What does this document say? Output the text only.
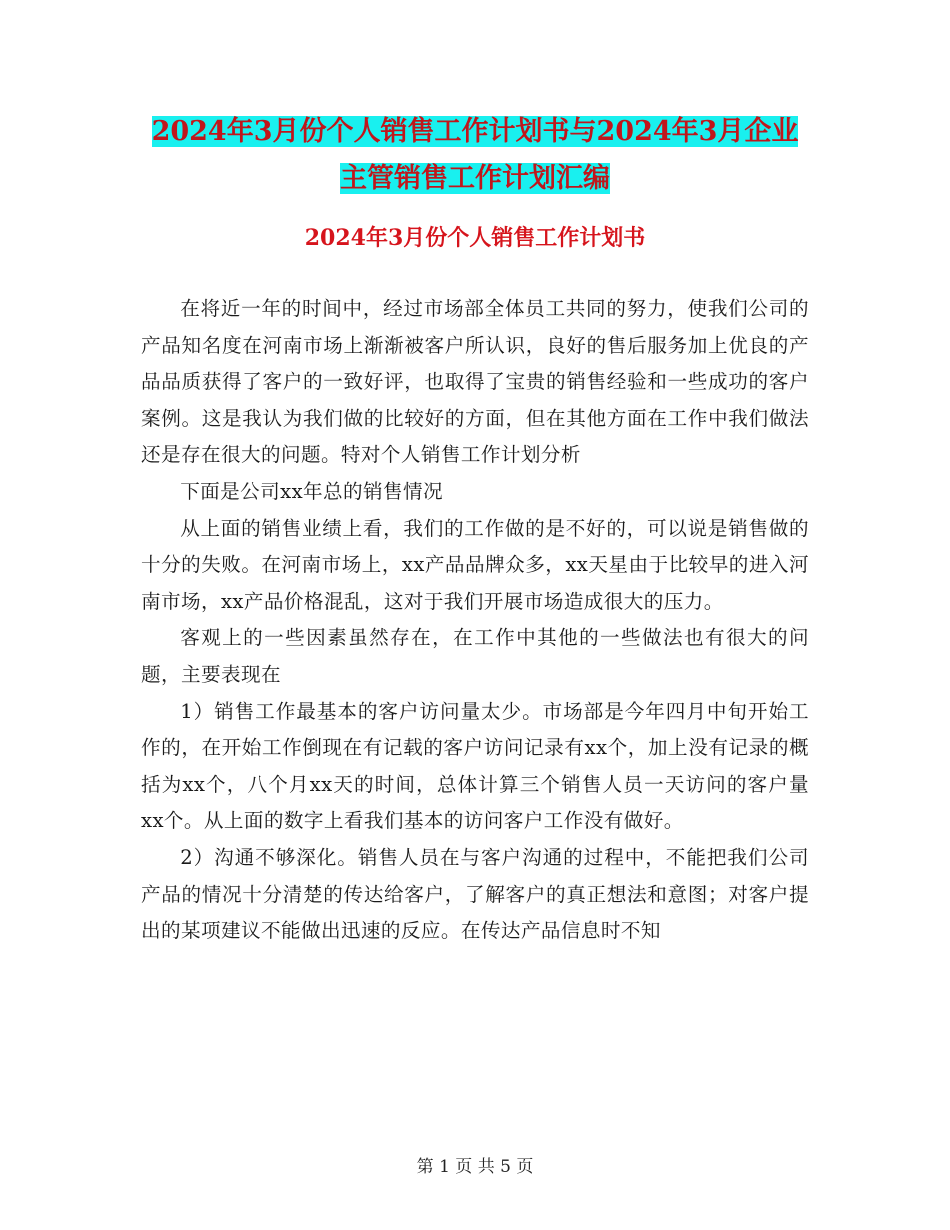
2024年3月份个人销售工作计划书与2024年3月企业
主管销售工作计划汇编
2024年3月份个人销售工作计划书

在将近一年的时间中，经过市场部全体员工共同的努力，使我们公司的产品知名度在河南市场上渐渐被客户所认识，良好的售后服务加上优良的产品品质获得了客户的一致好评，也取得了宝贵的销售经验和一些成功的客户案例。这是我认为我们做的比较好的方面，但在其他方面在工作中我们做法还是存在很大的问题。特对个人销售工作计划分析

下面是公司xx年总的销售情况

从上面的销售业绩上看，我们的工作做的是不好的，可以说是销售做的十分的失败。在河南市场上，xx产品品牌众多，xx天星由于比较早的进入河南市场，xx产品价格混乱，这对于我们开展市场造成很大的压力。

客观上的一些因素虽然存在，在工作中其他的一些做法也有很大的问题，主要表现在

1）销售工作最基本的客户访问量太少。市场部是今年四月中旬开始工作的，在开始工作倒现在有记载的客户访问记录有xx个，加上没有记录的概括为xx个，八个月xx天的时间，总体计算三个销售人员一天访问的客户量xx个。从上面的数字上看我们基本的访问客户工作没有做好。

2）沟通不够深化。销售人员在与客户沟通的过程中，不能把我们公司产品的情况十分清楚的传达给客户，了解客户的真正想法和意图；对客户提出的某项建议不能做出迅速的反应。在传达产品信息时不知

第 1 页 共 5 页
